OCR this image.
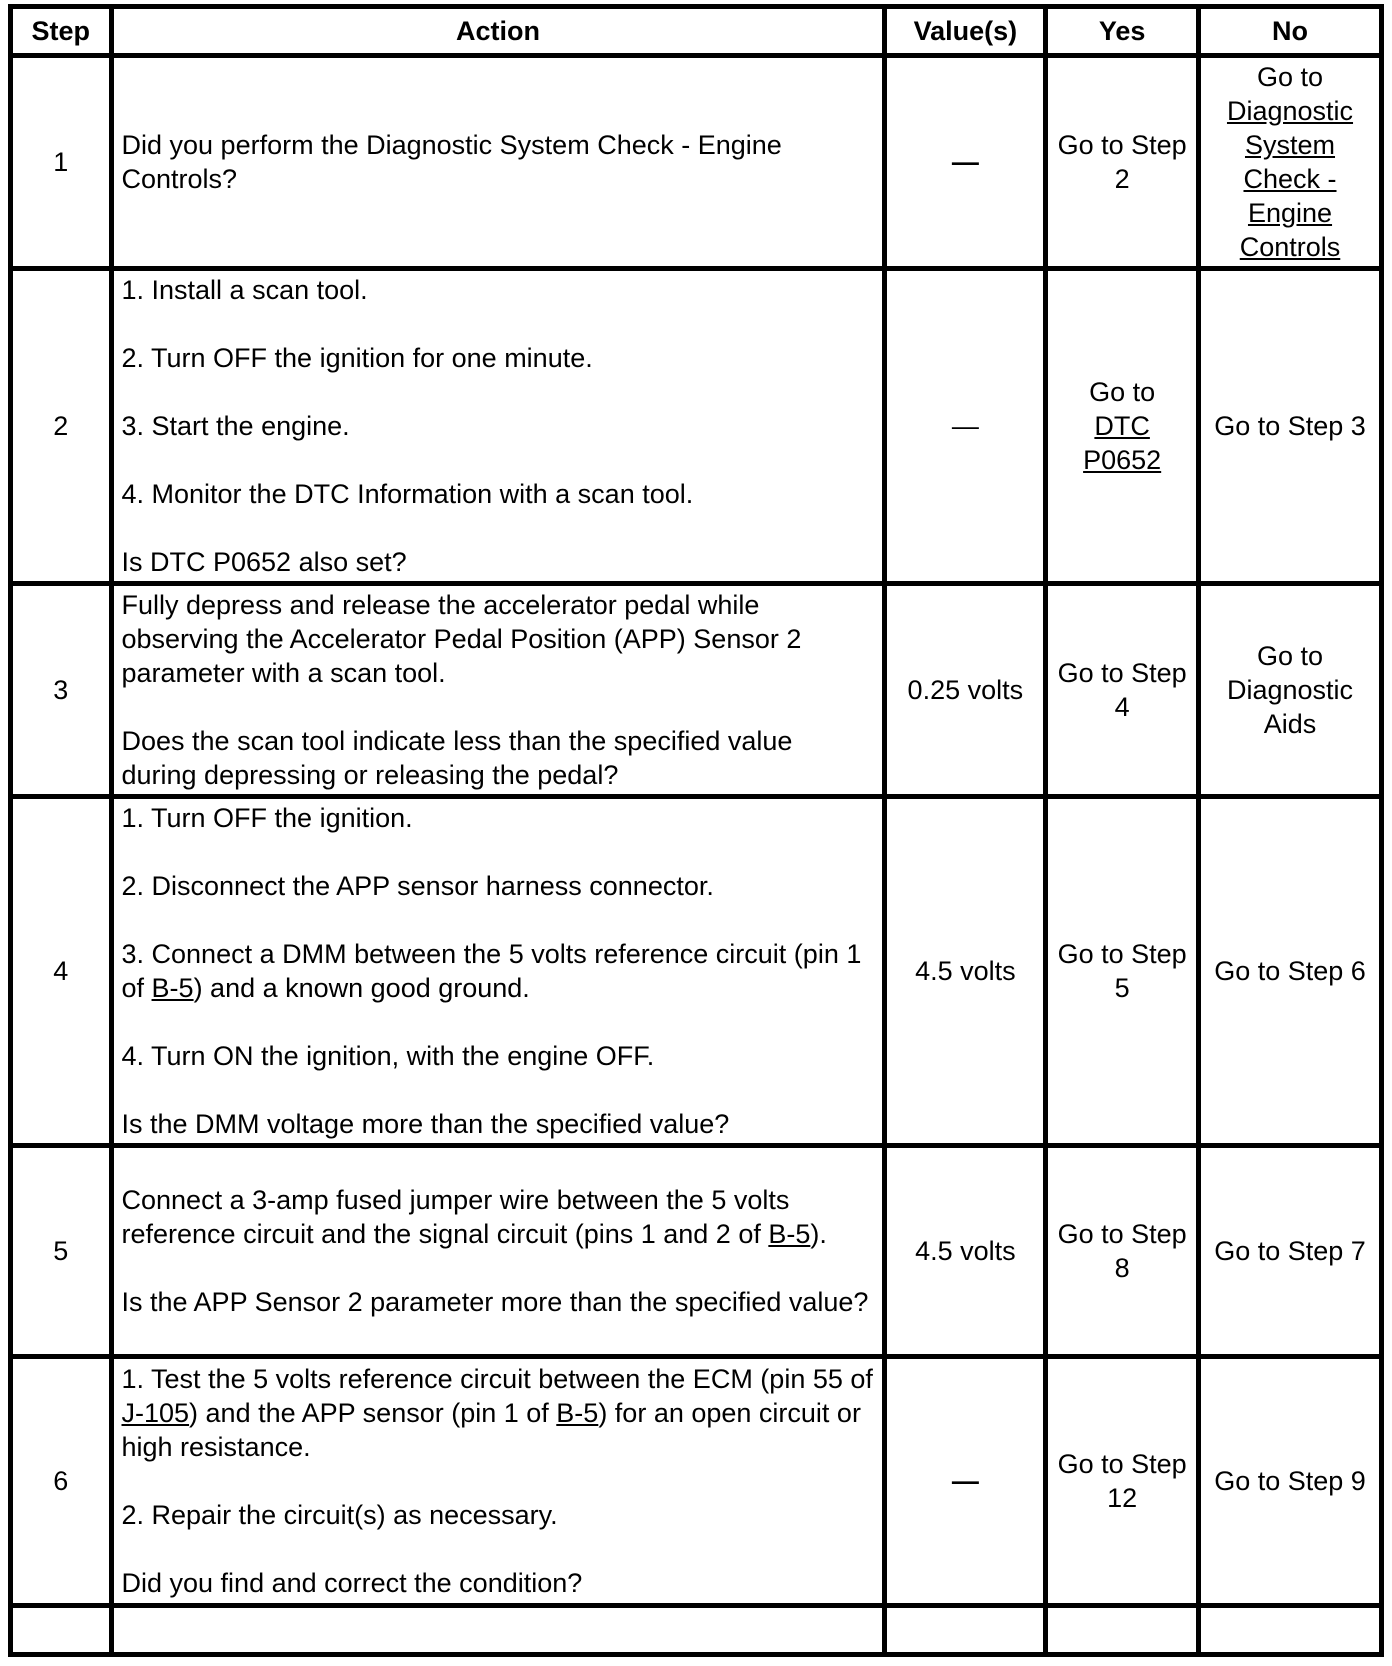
Step	Action	Value(s)	Yes	No
1	Did you perform the Diagnostic System Check - Engine Controls?	—	Go to Step 2	Go to
Diagnostic System Check - Engine Controls
2	1. Install a scan tool.
2. Turn OFF the ignition for one minute.
3. Start the engine.
4. Monitor the DTC Information with a scan tool.
Is DTC P0652 also set?	—	Go to
DTC P0652	Go to Step 3
3	Fully depress and release the accelerator pedal while observing the Accelerator Pedal Position (APP) Sensor 2 parameter with a scan tool.
Does the scan tool indicate less than the specified value during depressing or releasing the pedal?	0.25 volts	Go to Step 4	Go to Diagnostic Aids
4	1. Turn OFF the ignition.
2. Disconnect the APP sensor harness connector.
3. Connect a DMM between the 5 volts reference circuit (pin 1 of B-5) and a known good ground.
4. Turn ON the ignition, with the engine OFF.
Is the DMM voltage more than the specified value?	4.5 volts	Go to Step 5	Go to Step 6
5	Connect a 3-amp fused jumper wire between the 5 volts reference circuit and the signal circuit (pins 1 and 2 of B-5).
Is the APP Sensor 2 parameter more than the specified value?	4.5 volts	Go to Step 8	Go to Step 7
6	1. Test the 5 volts reference circuit between the ECM (pin 55 of J-105) and the APP sensor (pin 1 of B-5) for an open circuit or high resistance.
2. Repair the circuit(s) as necessary.
Did you find and correct the condition?	—	Go to Step 12	Go to Step 9
